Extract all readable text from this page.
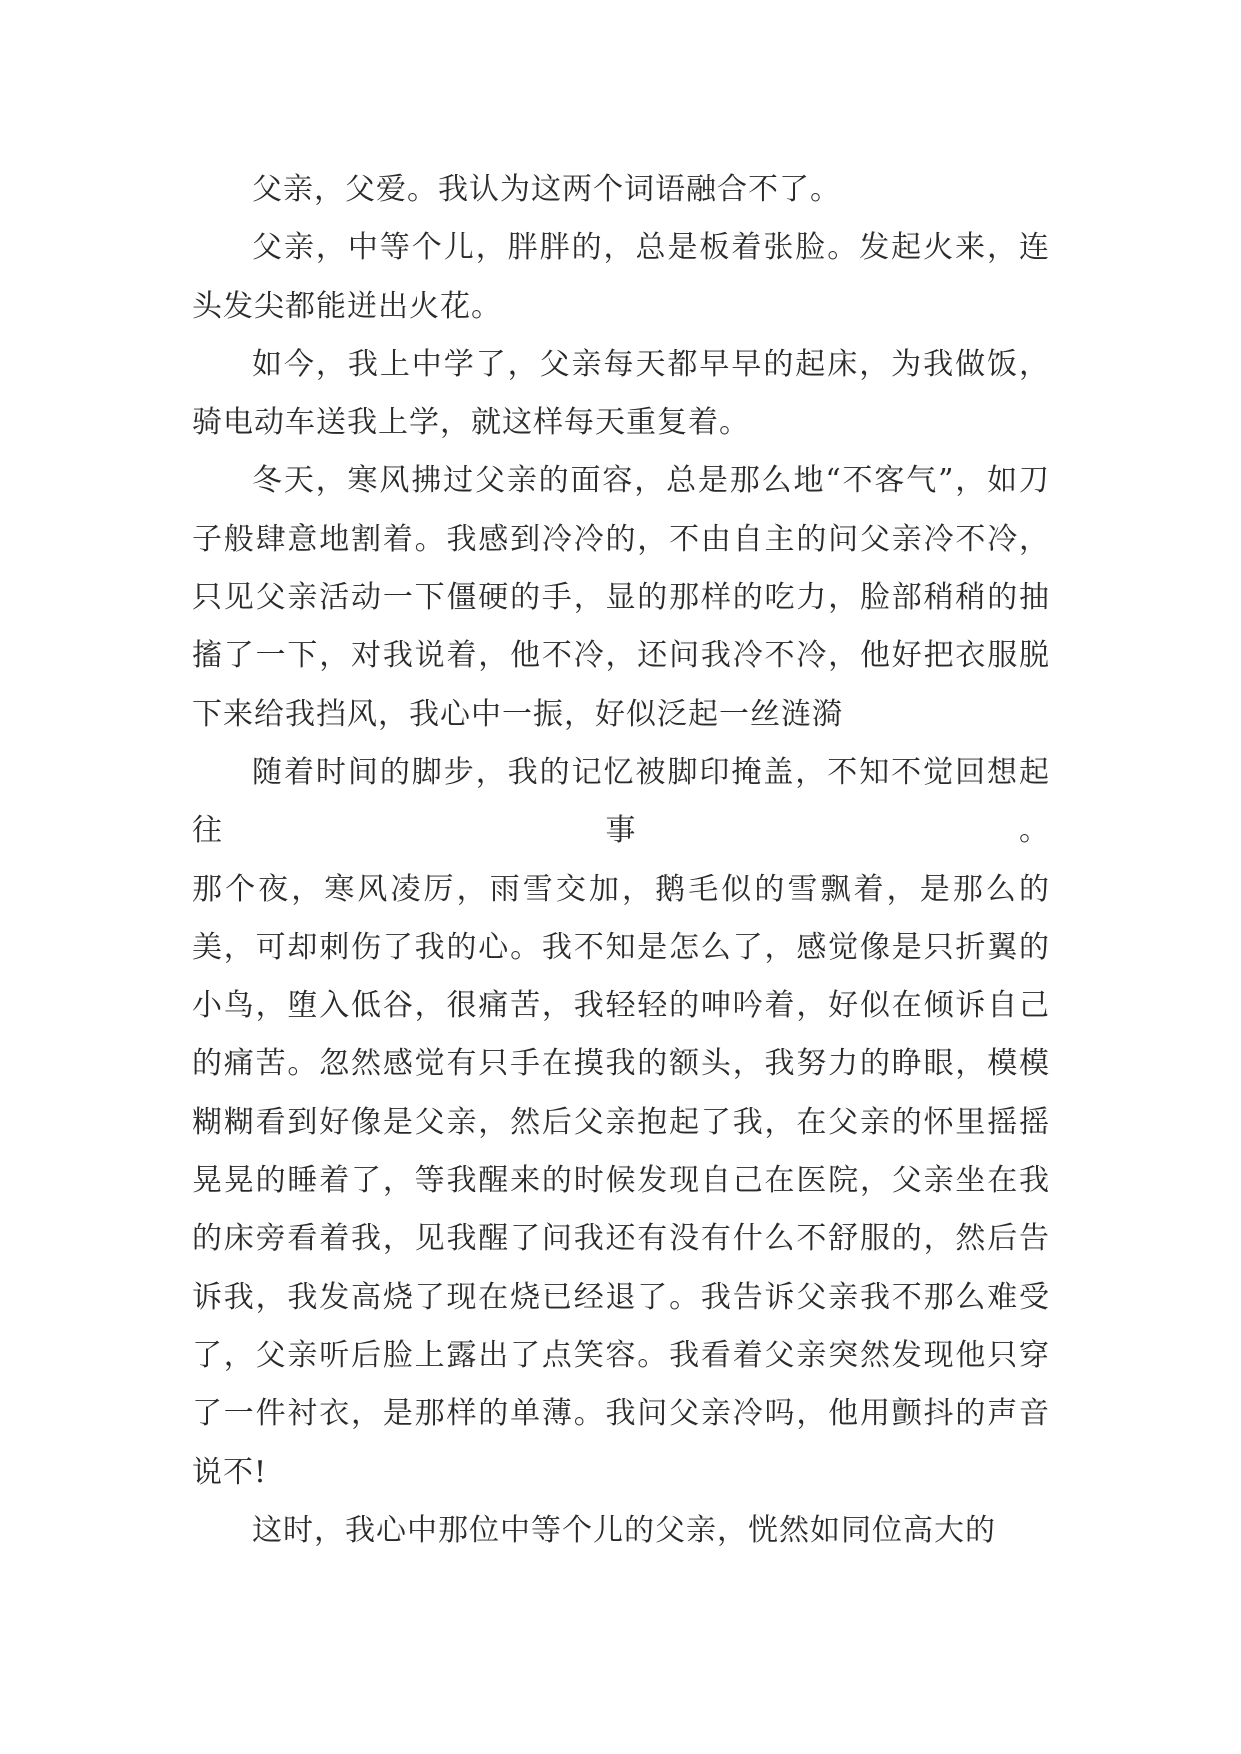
父亲，父爱。我认为这两个词语融合不了。

父亲，中等个儿，胖胖的，总是板着张脸。发起火来，连头发尖都能迸出火花。

如今，我上中学了，父亲每天都早早的起床，为我做饭，骑电动车送我上学，就这样每天重复着。

冬天，寒风拂过父亲的面容，总是那么地“不客气”，如刀子般肆意地割着。我感到冷冷的，不由自主的问父亲冷不冷，只见父亲活动一下僵硬的手，显的那样的吃力，脸部稍稍的抽搐了一下，对我说着，他不冷，还问我冷不冷，他好把衣服脱下来给我挡风，我心中一振，好似泛起一丝涟漪

随着时间的脚步，我的记忆被脚印掩盖，不知不觉回想起往事。

那个夜，寒风凌厉，雨雪交加，鹅毛似的雪飘着，是那么的美，可却刺伤了我的心。我不知是怎么了，感觉像是只折翼的小鸟，堕入低谷，很痛苦，我轻轻的呻吟着，好似在倾诉自己的痛苦。忽然感觉有只手在摸我的额头，我努力的睁眼，模模糊糊看到好像是父亲，然后父亲抱起了我，在父亲的怀里摇摇晃晃的睡着了，等我醒来的时候发现自己在医院，父亲坐在我的床旁看着我，见我醒了问我还有没有什么不舒服的，然后告诉我，我发高烧了现在烧已经退了。我告诉父亲我不那么难受了，父亲听后脸上露出了点笑容。我看着父亲突然发现他只穿了一件衬衣，是那样的单薄。我问父亲冷吗，他用颤抖的声音说不!

这时，我心中那位中等个儿的父亲，恍然如同位高大的
